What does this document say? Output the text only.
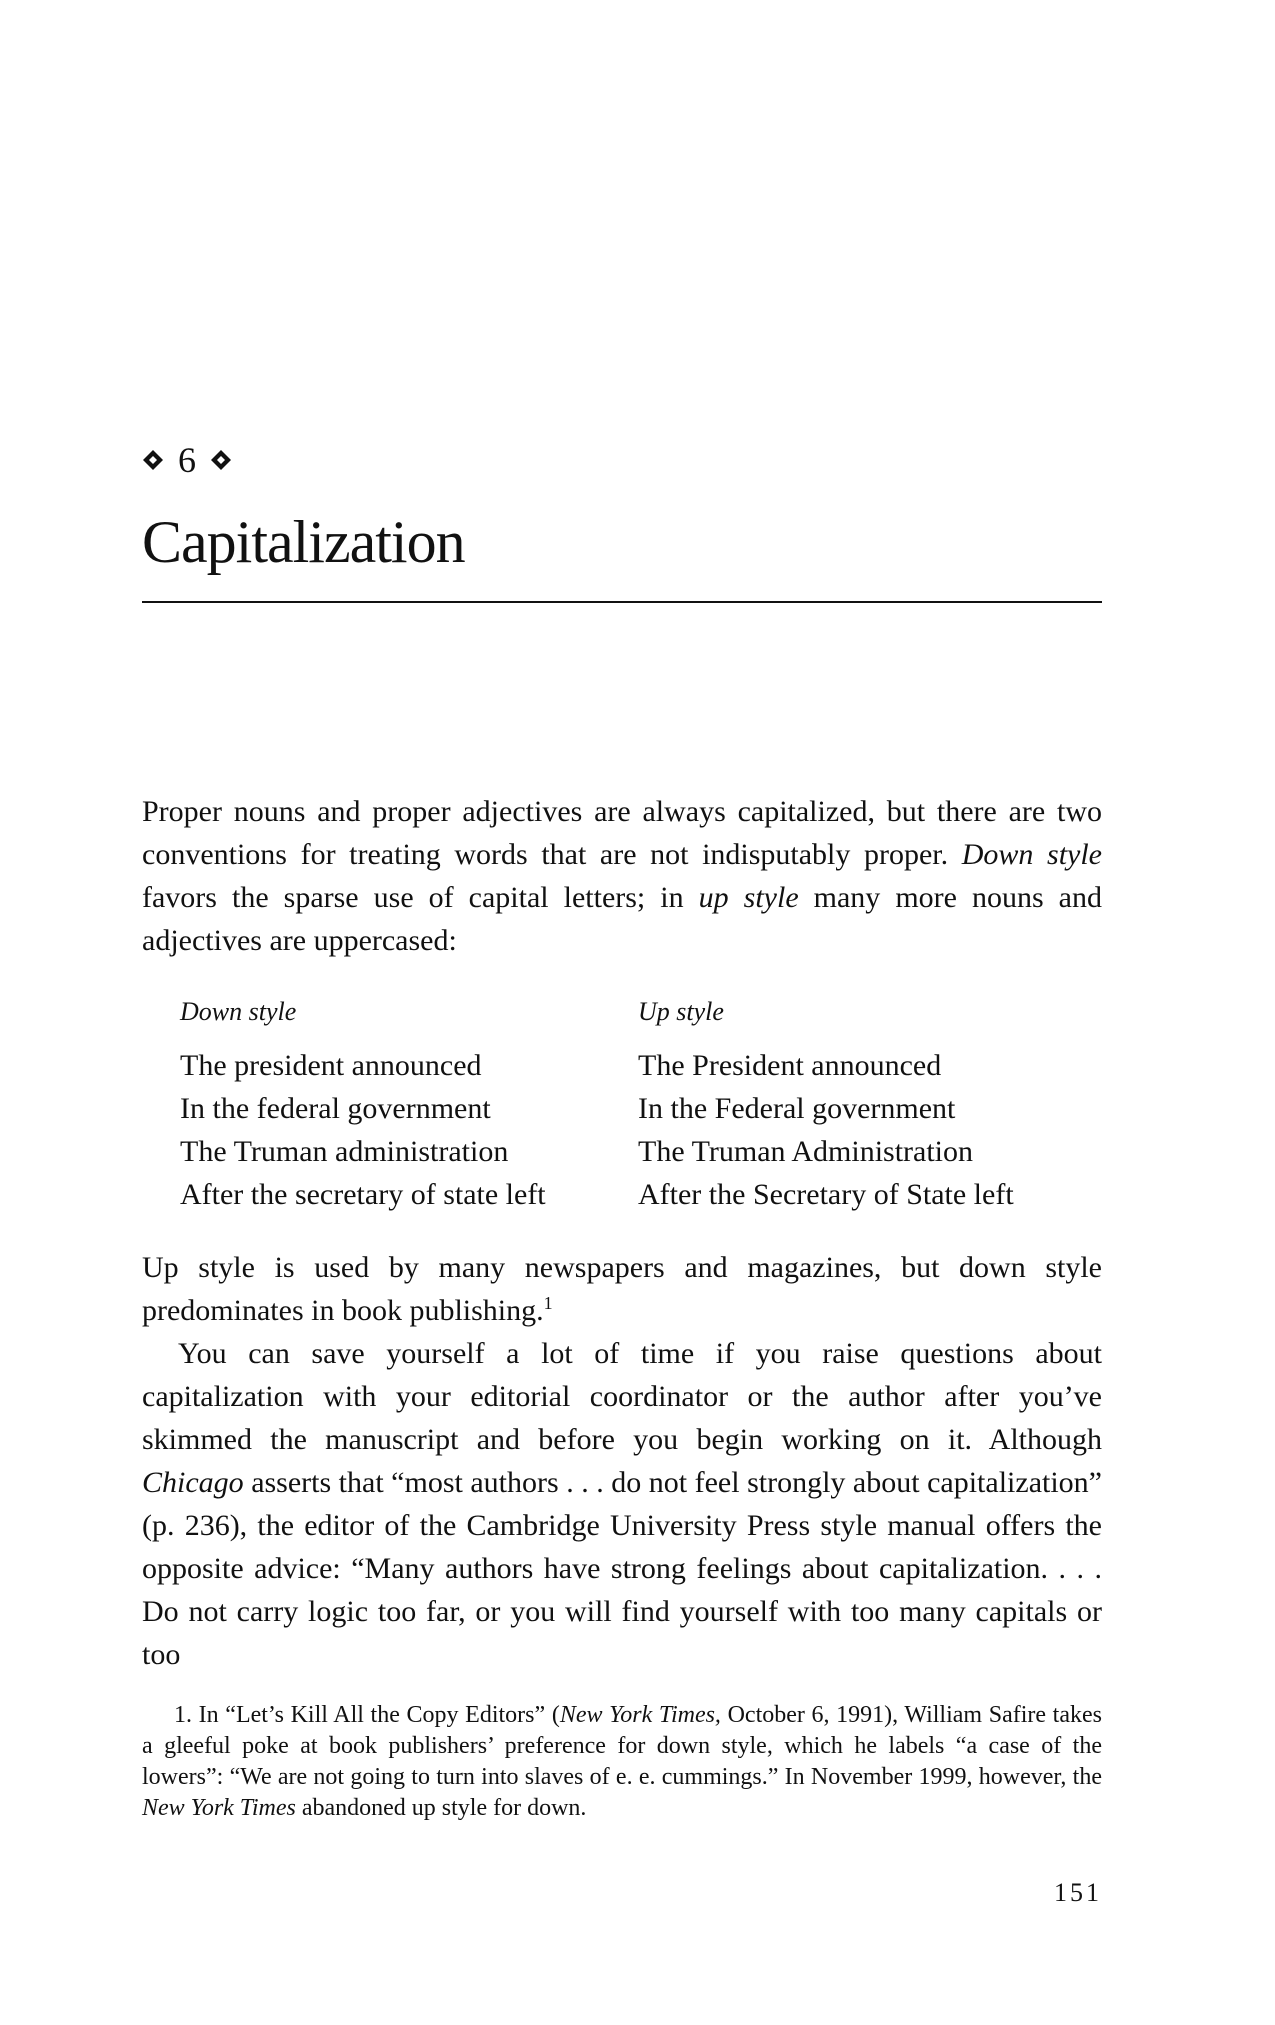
6
Capitalization

Proper nouns and proper adjectives are always capitalized, but there are two conventions for treating words that are not indisputably proper. Down style favors the sparse use of capital letters; in up style many more nouns and adjectives are uppercased:

Down style	Up style
The president announced	The President announced
In the federal government	In the Federal government
The Truman administration	The Truman Administration
After the secretary of state left	After the Secretary of State left

Up style is used by many newspapers and magazines, but down style predominates in book publishing.$^1$

You can save yourself a lot of time if you raise questions about capitalization with your editorial coordinator or the author after you’ve skimmed the manuscript and before you begin working on it. Although Chicago asserts that “most authors . . . do not feel strongly about capitalization” (p. 236), the editor of the Cambridge University Press style manual offers the opposite advice: “Many authors have strong feelings about capitalization. . . . Do not carry logic too far, or you will find yourself with too many capitals or too

1. In “Let’s Kill All the Copy Editors” (New York Times, October 6, 1991), William Safire takes a gleeful poke at book publishers’ preference for down style, which he labels “a case of the lowers”: “We are not going to turn into slaves of e. e. cummings.” In November 1999, however, the New York Times abandoned up style for down.

151
